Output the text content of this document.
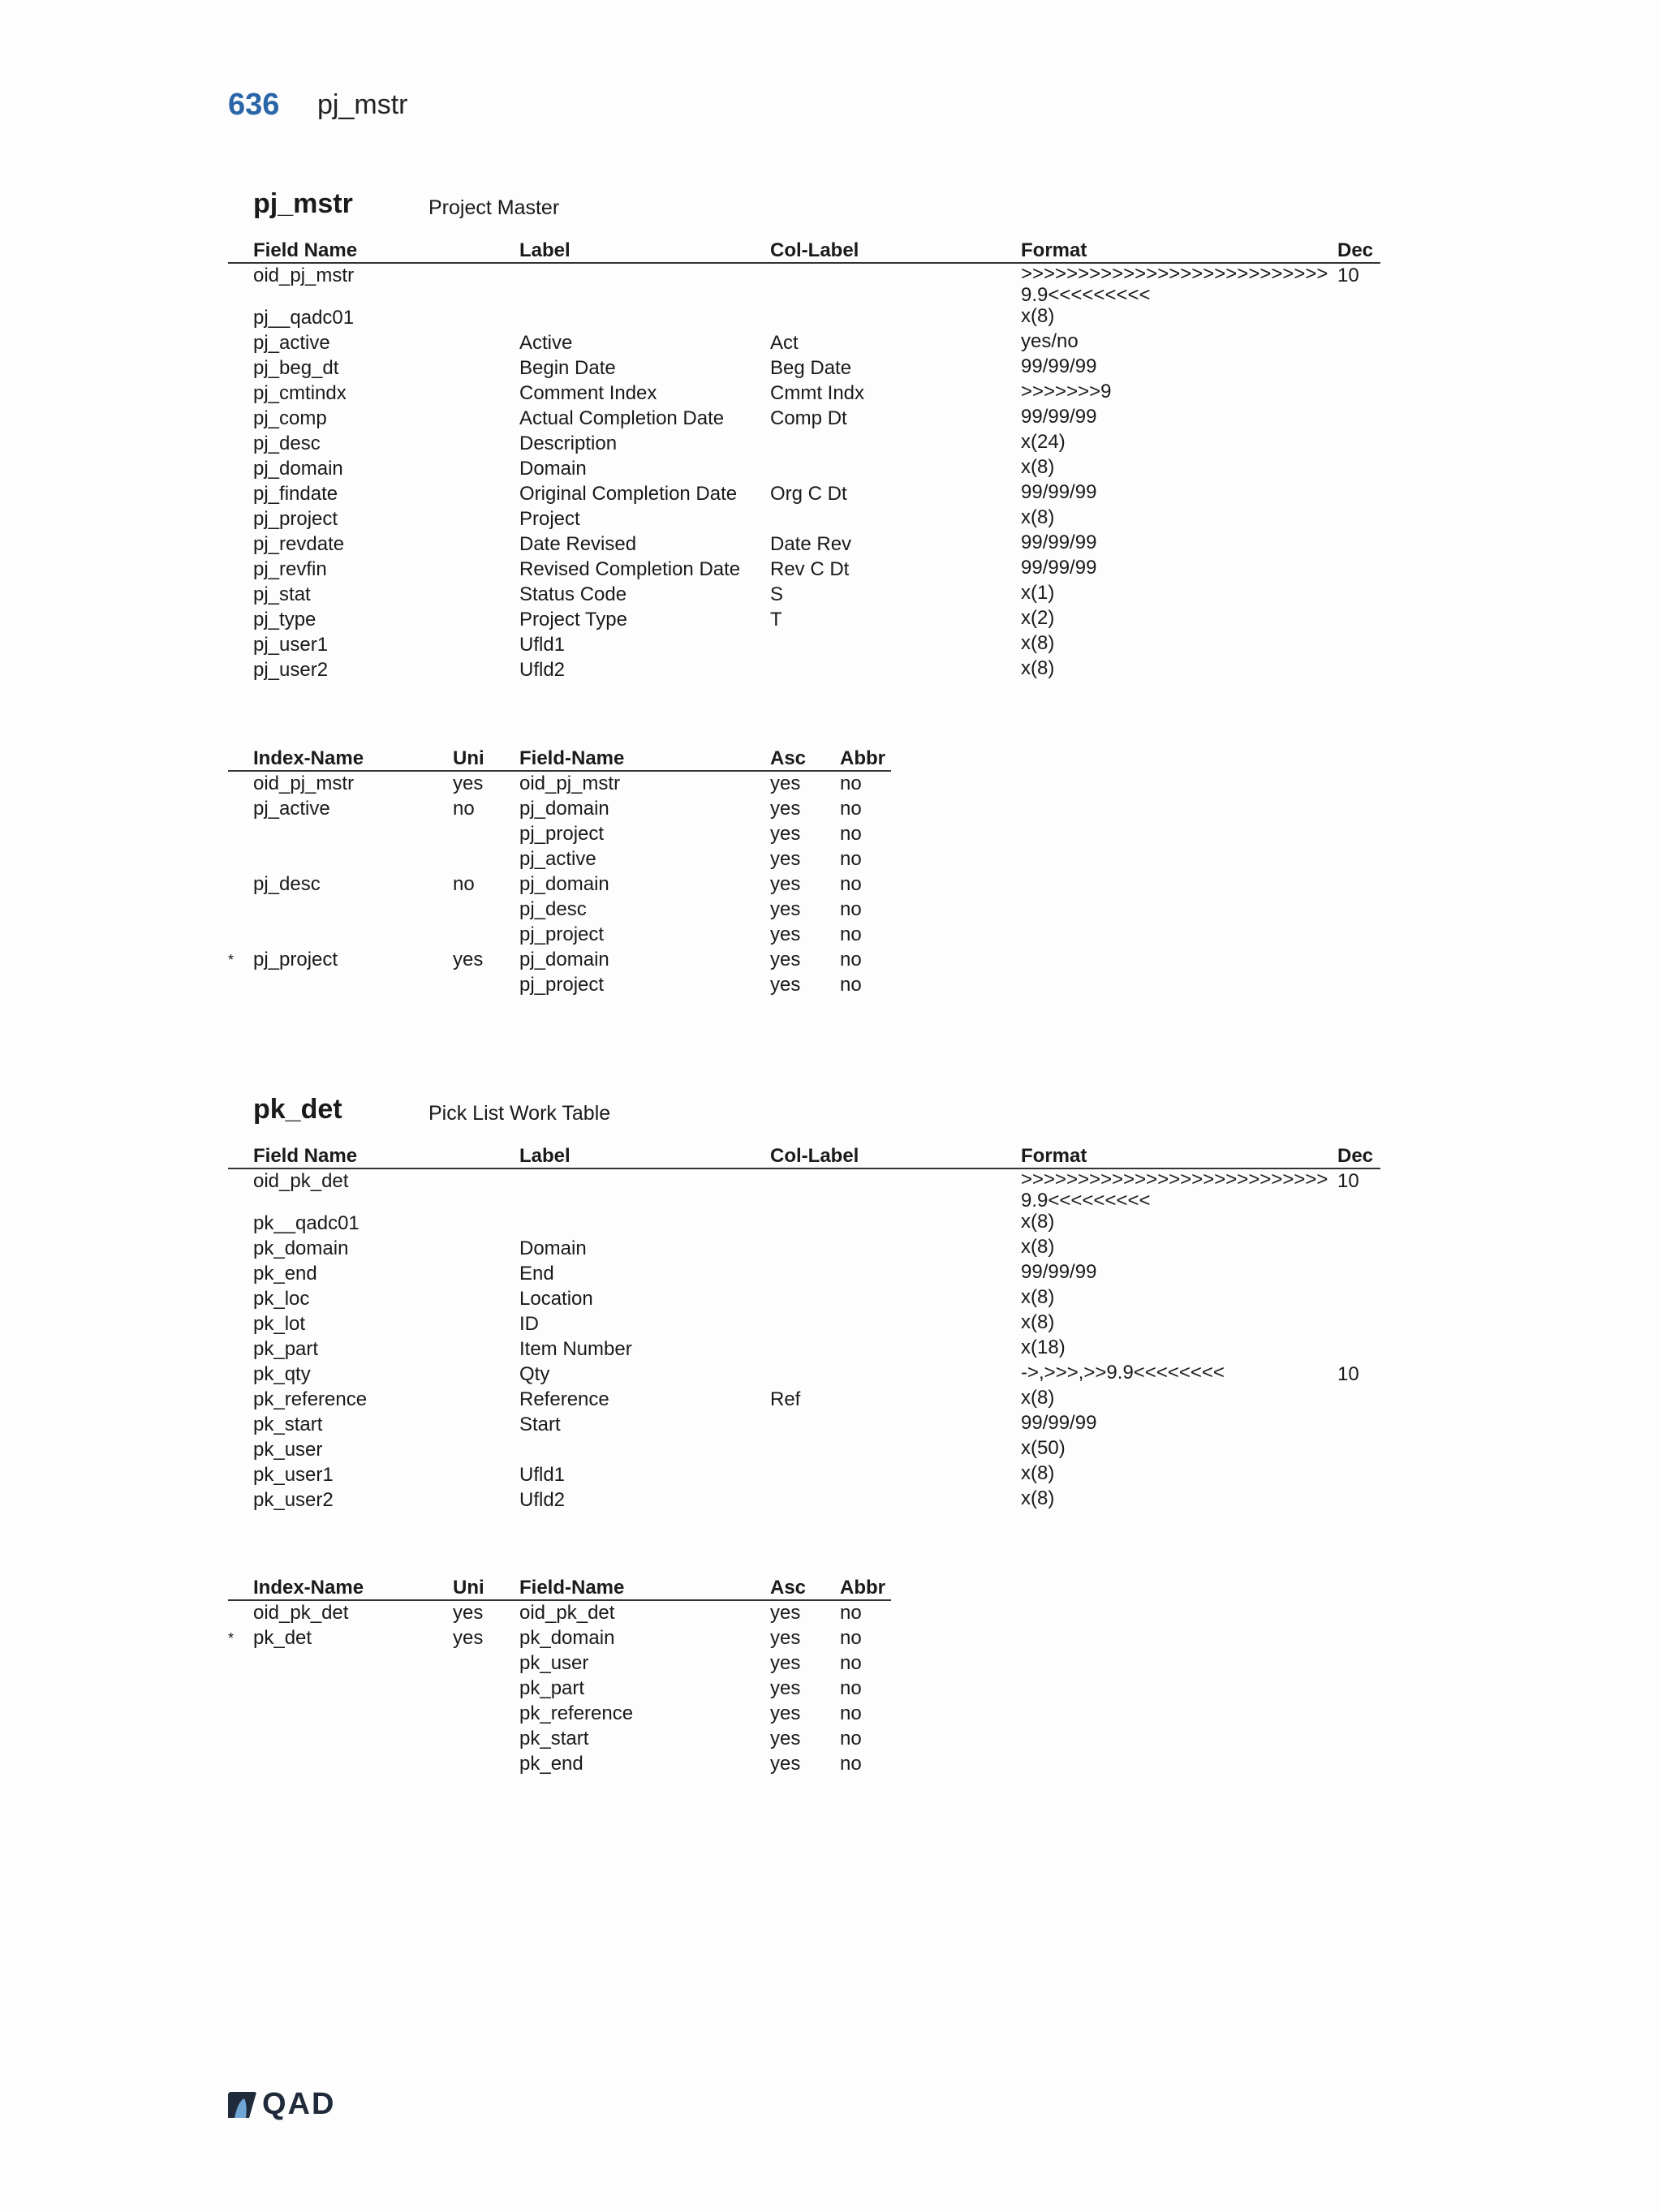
636 pj_mstr
pj_mstr	Project Master
	Field Name	Label	Col-Label	Format	Dec
	oid_pj_mstr			>>>>>>>>>>>>>>>>>>>>>>>>>>>9.9<<<<<<<<<	10
	pj__qadc01			x(8)	
	pj_active	Active	Act	yes/no	
	pj_beg_dt	Begin Date	Beg Date	99/99/99	
	pj_cmtindx	Comment Index	Cmmt Indx	>>>>>>>9	
	pj_comp	Actual Completion Date	Comp Dt	99/99/99	
	pj_desc	Description		x(24)	
	pj_domain	Domain		x(8)	
	pj_findate	Original Completion Date	Org C Dt	99/99/99	
	pj_project	Project		x(8)	
	pj_revdate	Date Revised	Date Rev	99/99/99	
	pj_revfin	Revised Completion Date	Rev C Dt	99/99/99	
	pj_stat	Status Code	S	x(1)	
	pj_type	Project Type	T	x(2)	
	pj_user1	Ufld1		x(8)	
	pj_user2	Ufld2		x(8)	
	Index-Name	Uni	Field-Name	Asc	Abbr
	oid_pj_mstr	yes	oid_pj_mstr	yes	no
	pj_active	no	pj_domain	yes	no
			pj_project	yes	no
			pj_active	yes	no
	pj_desc	no	pj_domain	yes	no
			pj_desc	yes	no
			pj_project	yes	no
*	pj_project	yes	pj_domain	yes	no
			pj_project	yes	no
pk_det	Pick List Work Table
	Field Name	Label	Col-Label	Format	Dec
	oid_pk_det			>>>>>>>>>>>>>>>>>>>>>>>>>>>9.9<<<<<<<<<	10
	pk__qadc01			x(8)	
	pk_domain	Domain		x(8)	
	pk_end	End		99/99/99	
	pk_loc	Location		x(8)	
	pk_lot	ID		x(8)	
	pk_part	Item Number		x(18)	
	pk_qty	Qty		->,>>>,>>9.9<<<<<<<<	10
	pk_reference	Reference	Ref	x(8)	
	pk_start	Start		99/99/99	
	pk_user			x(50)	
	pk_user1	Ufld1		x(8)	
	pk_user2	Ufld2		x(8)	
	Index-Name	Uni	Field-Name	Asc	Abbr
	oid_pk_det	yes	oid_pk_det	yes	no
*	pk_det	yes	pk_domain	yes	no
			pk_user	yes	no
			pk_part	yes	no
			pk_reference	yes	no
			pk_start	yes	no
			pk_end	yes	no
QAD
